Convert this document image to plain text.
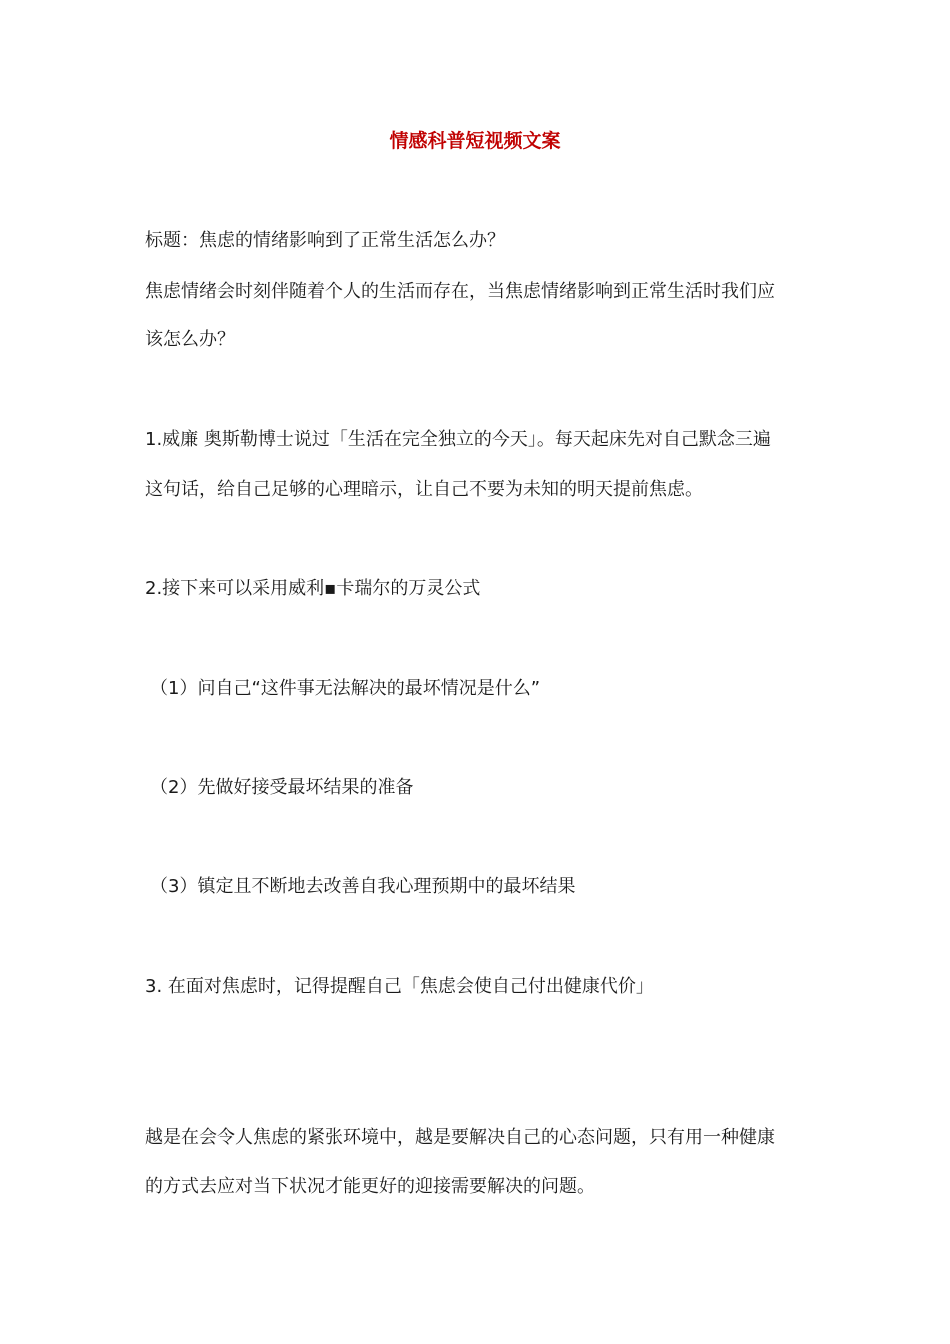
情感科普短视频文案
标题：焦虑的情绪影响到了正常生活怎么办？
焦虑情绪会时刻伴随着个人的生活而存在，当焦虑情绪影响到正常生活时我们应
该怎么办？
1.威廉 奥斯勒博士说过「生活在完全独立的今天」。每天起床先对自己默念三遍
这句话，给自己足够的心理暗示，让自己不要为未知的明天提前焦虑。
2.接下来可以采用威利▪卡瑞尔的万灵公式
（1）问自己“这件事无法解决的最坏情况是什么”
（2）先做好接受最坏结果的准备
（3）镇定且不断地去改善自我心理预期中的最坏结果
3. 在面对焦虑时，记得提醒自己「焦虑会使自己付出健康代价」
越是在会令人焦虑的紧张环境中，越是要解决自己的心态问题，只有用一种健康
的方式去应对当下状况才能更好的迎接需要解决的问题。
